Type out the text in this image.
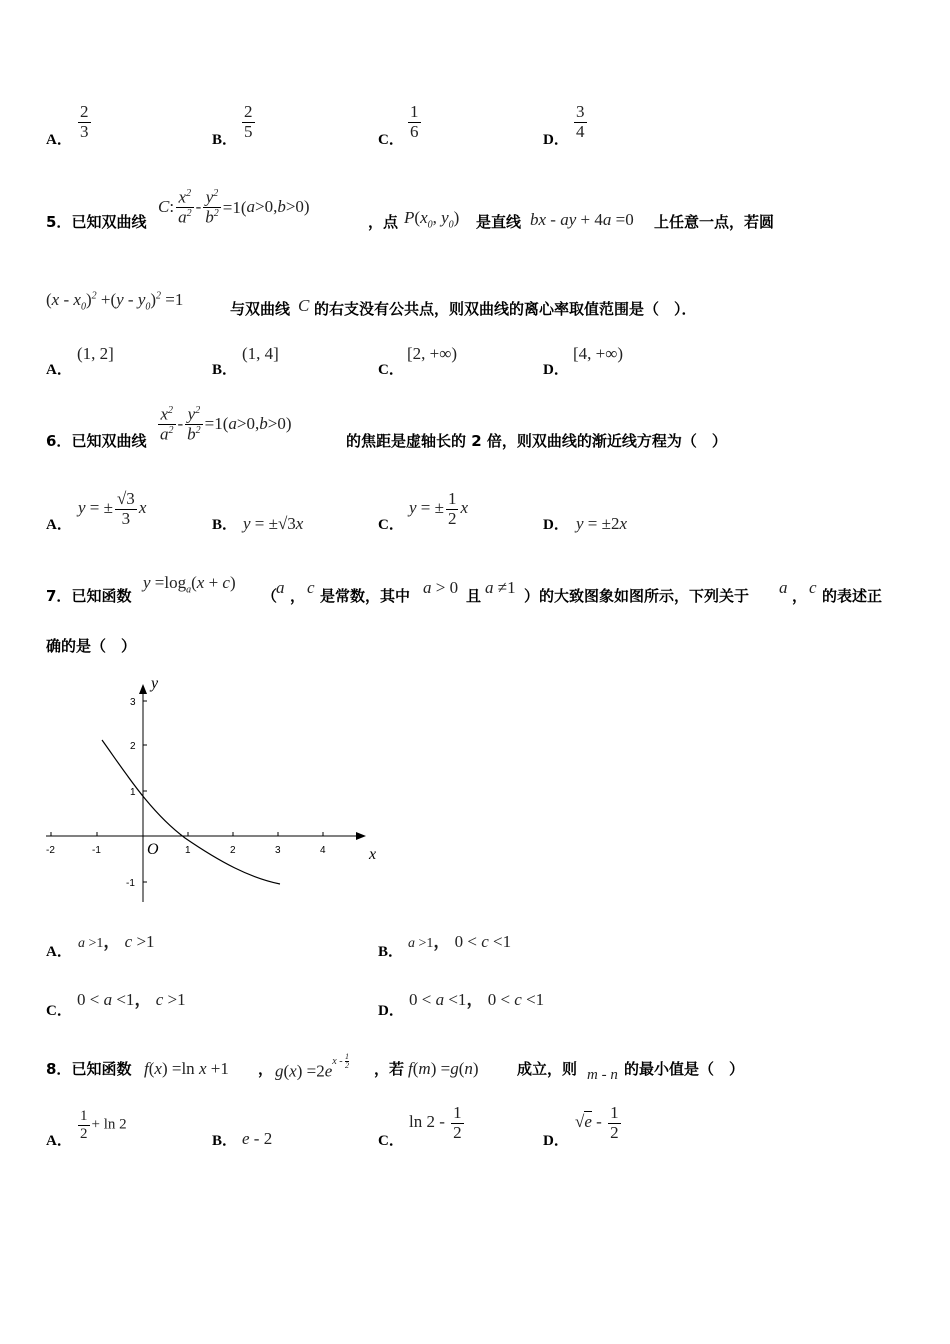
A． $\frac{2}{3}$	B． $\frac{2}{5}$	C． $\frac{1}{6}$	D． $\frac{3}{4}$
5．已知双曲线
C: $\frac{x^2}{a^2} - \frac{y^2}{b^2} =1(a>0,b>0)$
，点 $P(x_0$, $y_0$) 是直线 bx - ay + 4a =0 上任意一点，若圆
$(x - x_0)^2 +(y - y_0)^2 =1$	与双曲线 C 的右支没有公共点，则双曲线的离心率取值范围是（　）．
A．
(1, 2]
B．
(1, 4]
C．
[2, +∞)
D．
[4, +∞)
6．已知双曲线 $\frac{x^2}{a^2} - \frac{y^2}{b^2} =1(a>0,b>0)$
的焦距是虚轴长的 2 倍，则双曲线的渐近线方程为（　）
A．
y = ± $\frac{√3}{3}$ x
B． y = ±√3x	C．
y = ± $\frac{1}{2}$ x
D． y = ±2x
7．已知函数
$y =\log_a(x + c)$
（
a ， c 是常数，其中 a > 0 且 a ≠1 ）的大致图象如图所示，下列关于 a ， c 的表述正
确的是（　）
-2	-1	1	2	3	4
3
2
1
-1
x
y
O
A．
a >1， c >1
B．
a >1， 0 < c <1
C．
0 < a <1， c >1
D．
0 < a <1， 0 < c <1
8．已知函数 f(x) =ln x +1 ， $g(x) =2e^{x - \frac{1}{2}}$ ，若 f(m) =g(n)	成立，则 m - n 的最小值是（　）
A． $\frac{1}{2} + \ln 2$
B． e - 2	C．
$\ln 2 - \frac{1}{2}$	D．
$√e - \frac{1}{2}$
